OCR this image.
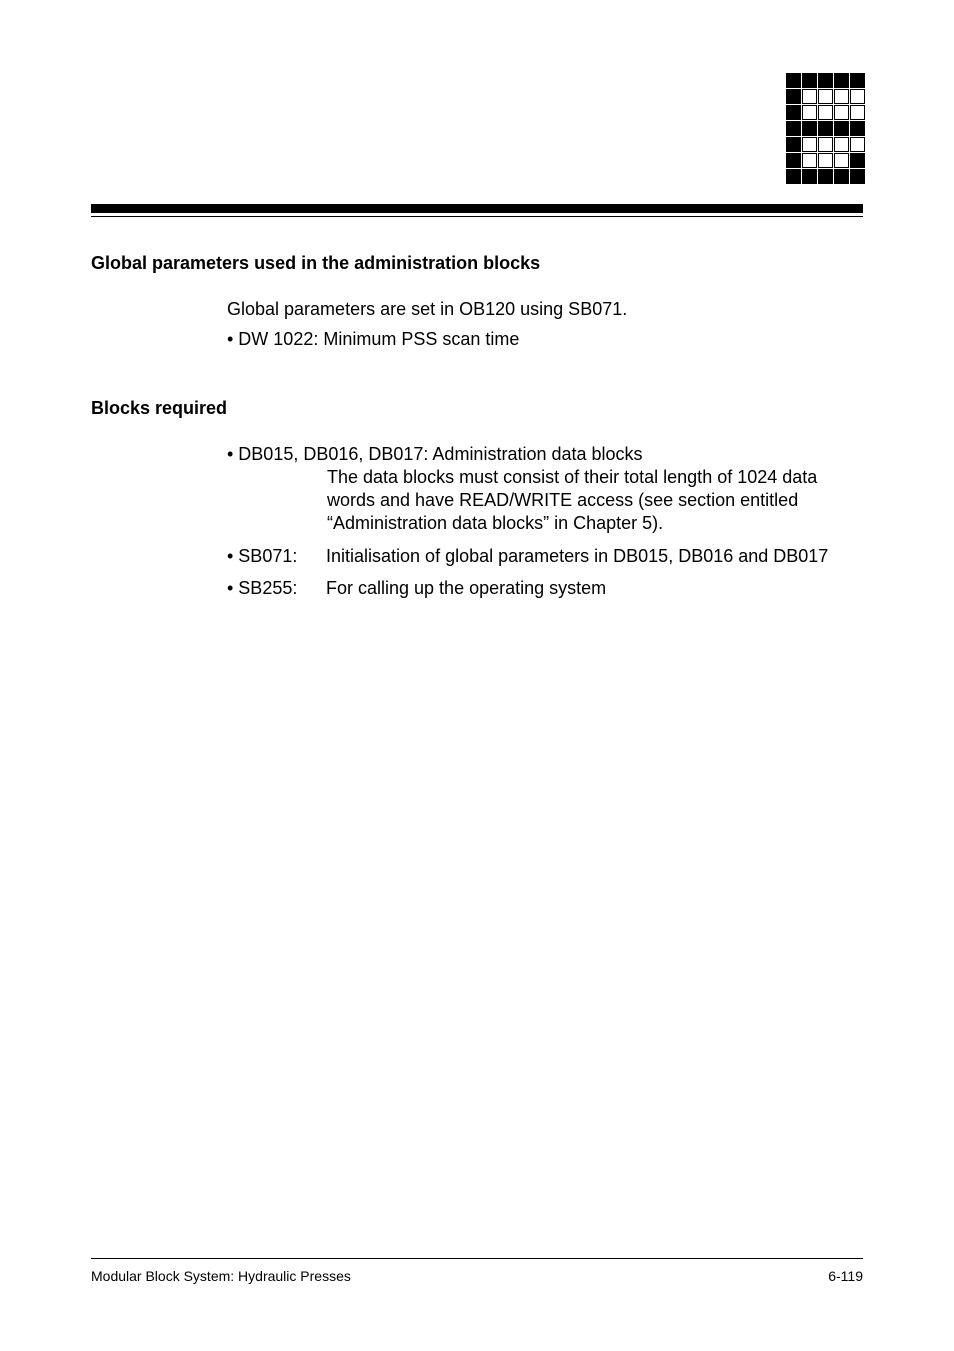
Global parameters used in the administration blocks
Global parameters are set in OB120 using SB071.
• DW 1022: Minimum PSS scan time
Blocks required
• DB015, DB016, DB017: Administration data blocks
The data blocks must consist of their total length of 1024 data
words and have READ/WRITE access (see section entitled
“Administration data blocks” in Chapter 5).
• SB071: Initialisation of global parameters in DB015, DB016 and DB017
• SB255: For calling up the operating system
Modular Block System: Hydraulic Presses	6-119
